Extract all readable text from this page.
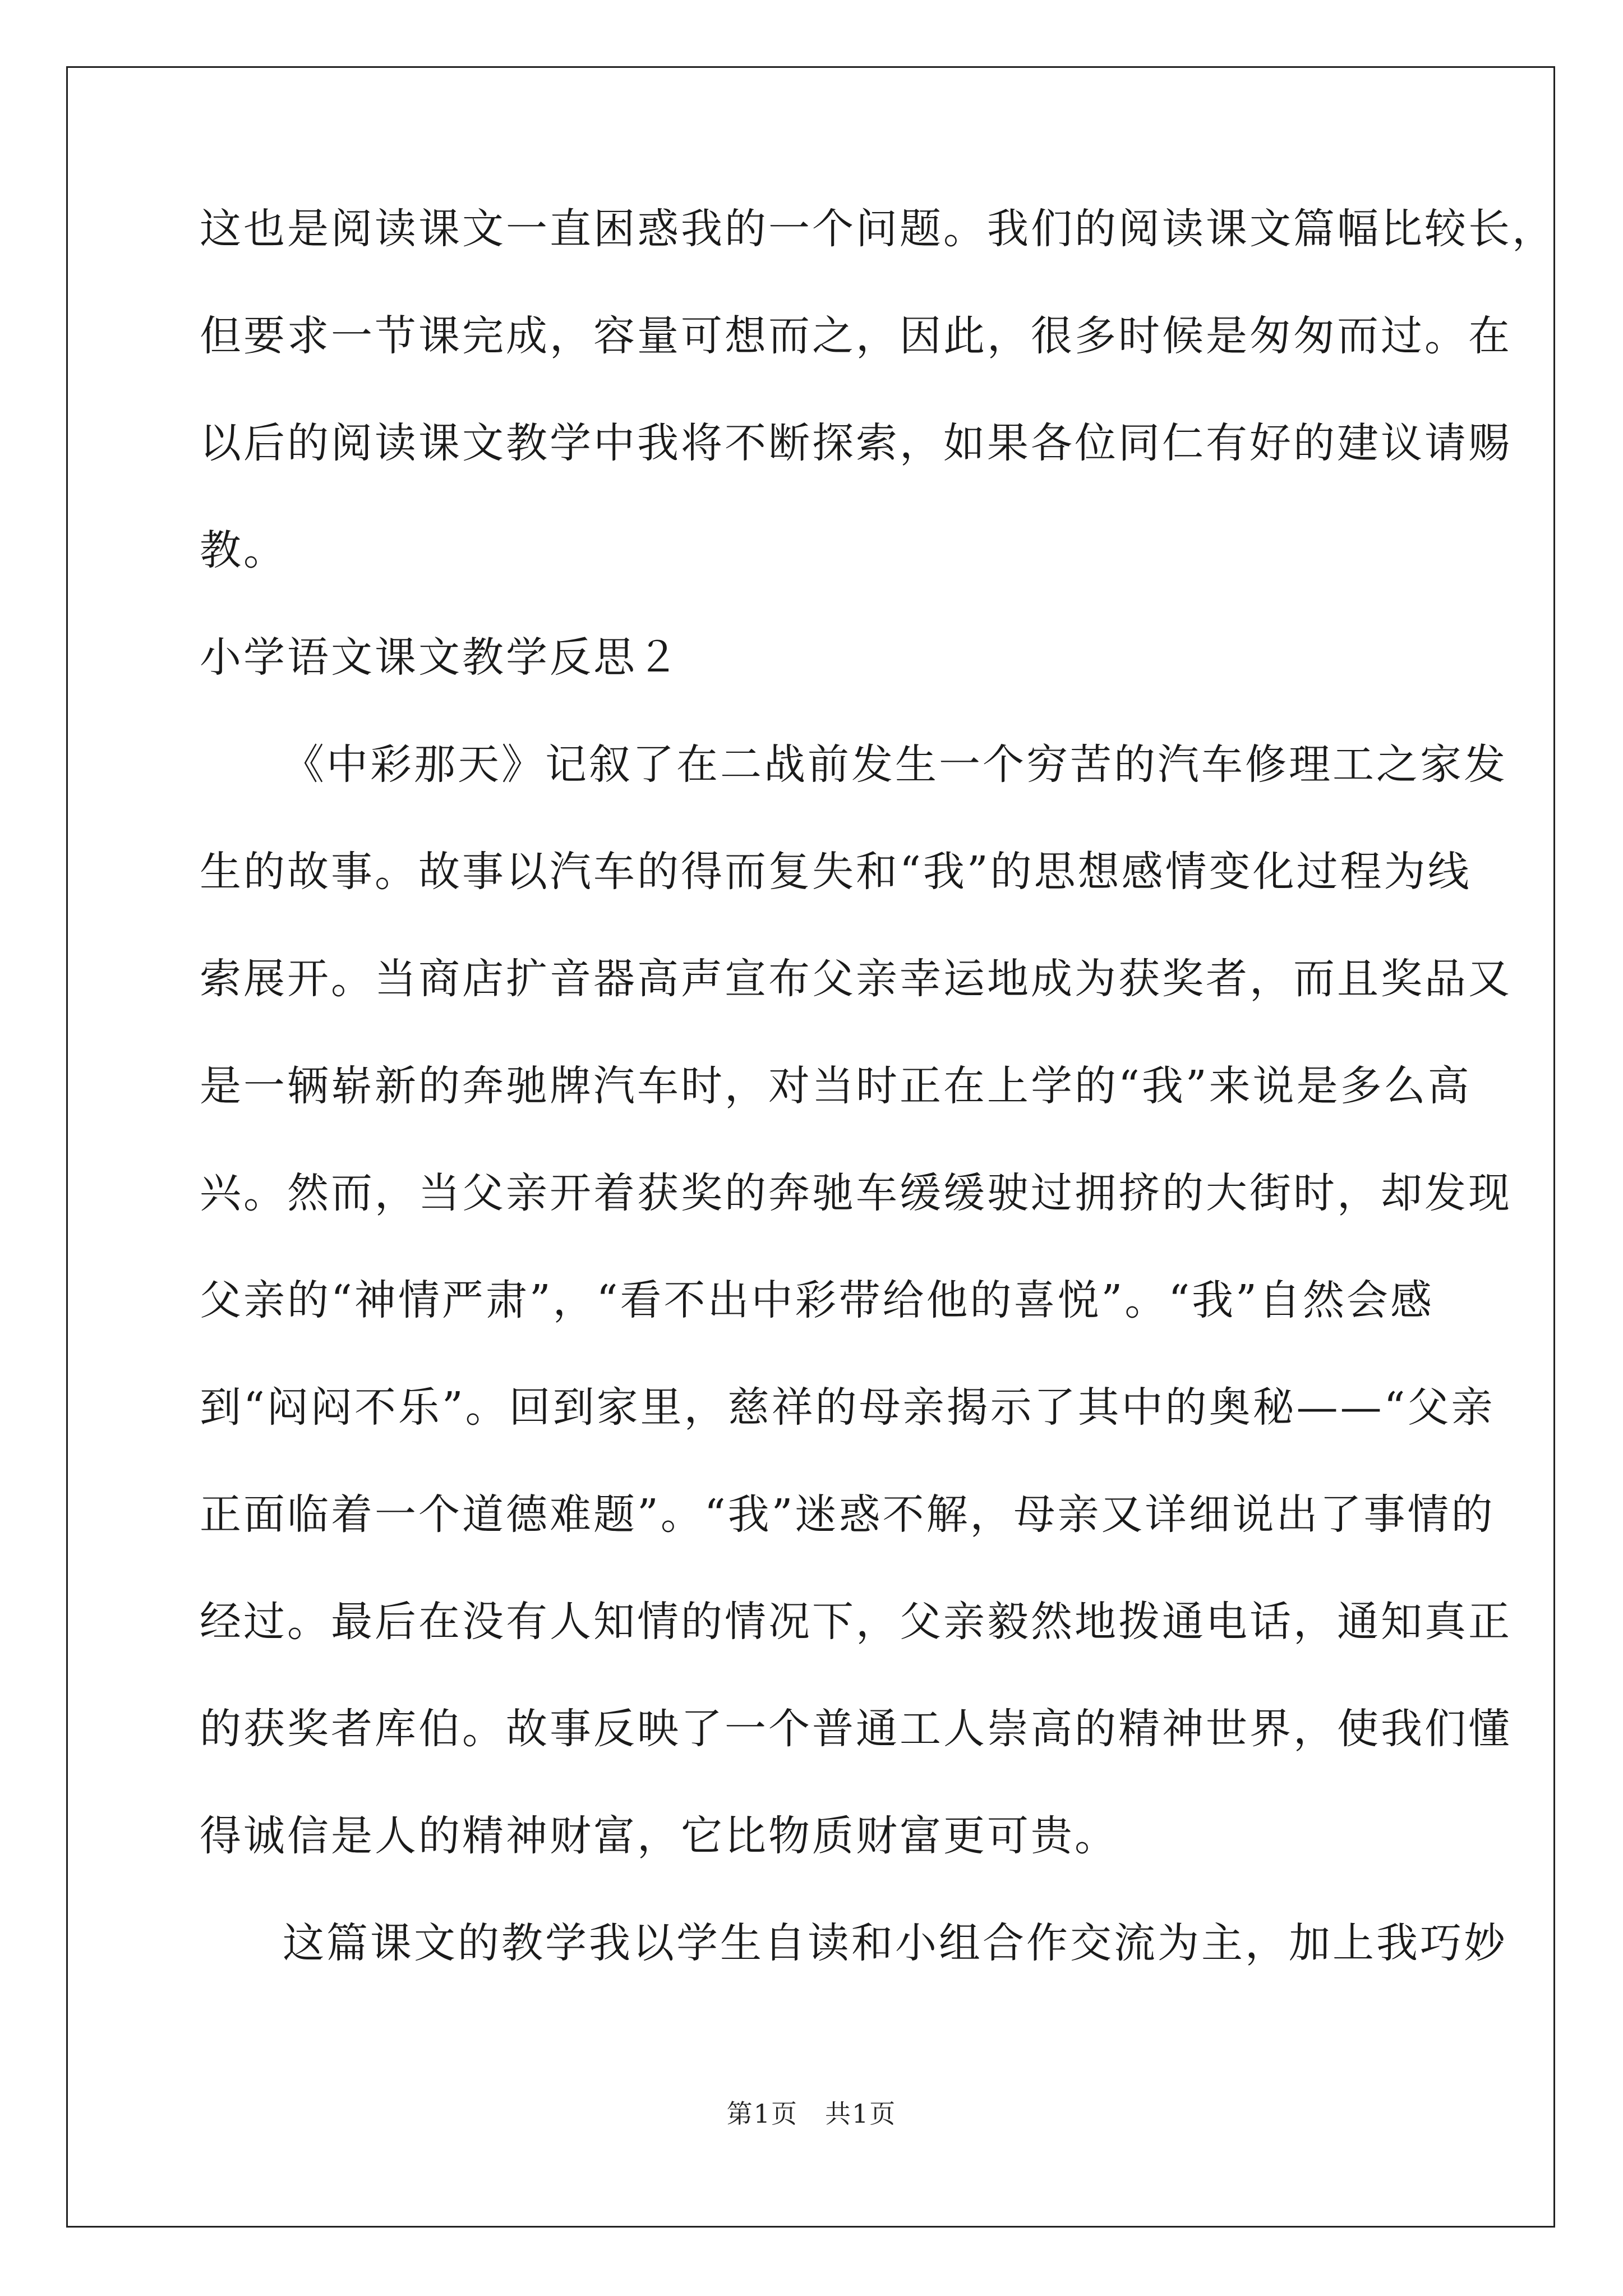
这也是阅读课文一直困惑我的一个问题。我们的阅读课文篇幅比较长，
但要求一节课完成，容量可想而之，因此，很多时候是匆匆而过。在
以后的阅读课文教学中我将不断探索，如果各位同仁有好的建议请赐
教。
小学语文课文教学反思２
《中彩那天》记叙了在二战前发生一个穷苦的汽车修理工之家发
生的故事。故事以汽车的得而复失和“我”的思想感情变化过程为线
索展开。当商店扩音器高声宣布父亲幸运地成为获奖者，而且奖品又
是一辆崭新的奔驰牌汽车时，对当时正在上学的“我”来说是多么高
兴。然而，当父亲开着获奖的奔驰车缓缓驶过拥挤的大街时，却发现
父亲的“神情严肃”，“看不出中彩带给他的喜悦”。“我”自然会感
到“闷闷不乐”。回到家里，慈祥的母亲揭示了其中的奥秘——“父亲
正面临着一个道德难题”。“我”迷惑不解，母亲又详细说出了事情的
经过。最后在没有人知情的情况下，父亲毅然地拨通电话，通知真正
的获奖者库伯。故事反映了一个普通工人崇高的精神世界，使我们懂
得诚信是人的精神财富，它比物质财富更可贵。
这篇课文的教学我以学生自读和小组合作交流为主，加上我巧妙
第1页　共1页
